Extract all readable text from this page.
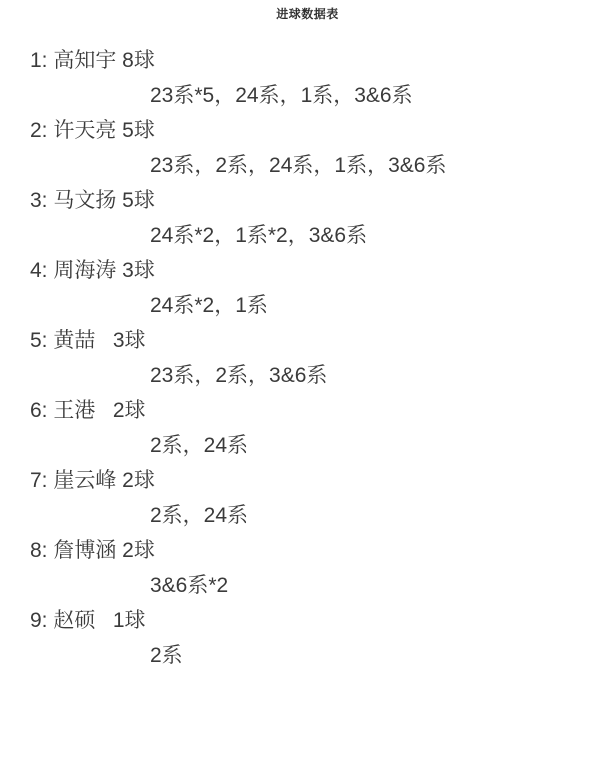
进球数据表
1: 高知宇 8球
23系*5，24系，1系，3&6系
2: 许天亮 5球
23系，2系，24系，1系，3&6系
3: 马文扬 5球
24系*2，1系*2，3&6系
4: 周海涛 3球
24系*2，1系
5: 黄喆   3球
23系，2系，3&6系
6: 王港   2球
2系，24系
7: 崖云峰 2球
2系，24系
8: 詹博涵 2球
3&6系*2
9: 赵硕   1球
2系
